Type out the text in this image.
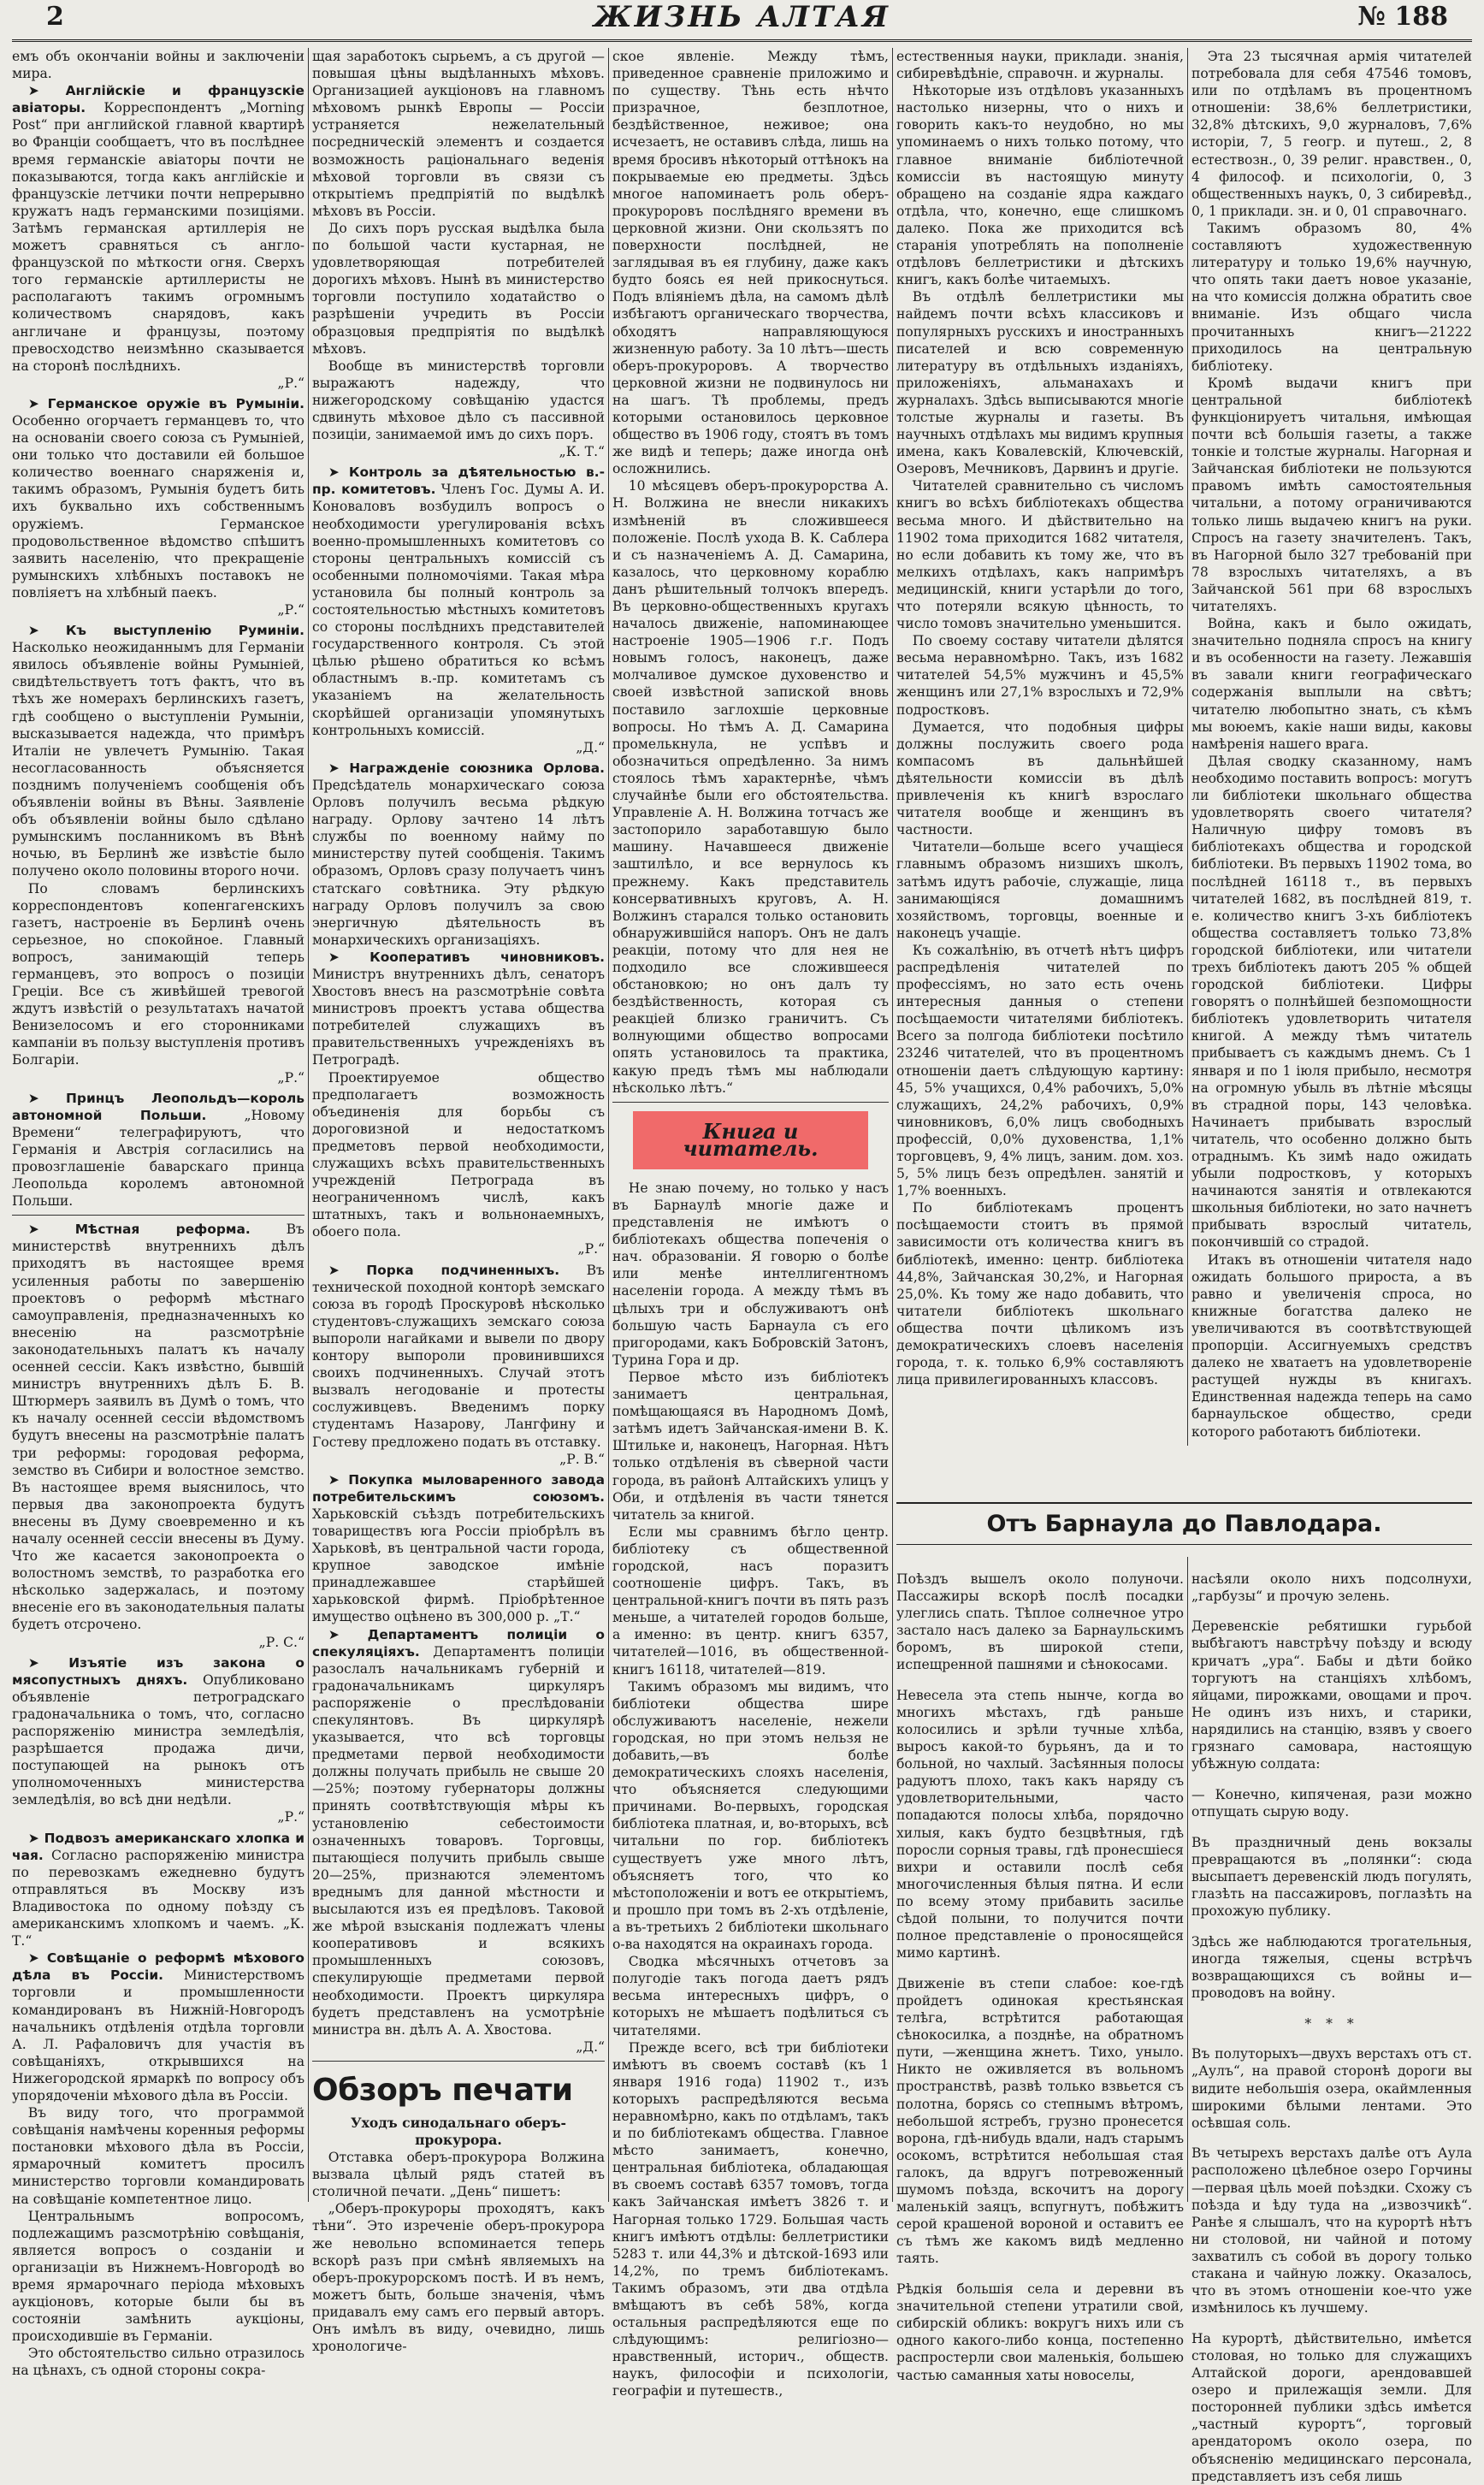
2	ЖИЗНЬ АЛТАЯ	№ 188

емъ объ окончаніи войны и заключеніи мира.

➤ Англійскіе и французскіе авіаторы. Корреспондентъ „Morning Post“ при английской главной квартирѣ во Франціи сообщаетъ, что въ послѣднее время германскіе авіаторы почти не показываются, тогда какъ англійскіе и французскіе летчики почти непрерывно кружатъ надъ германскими позиціями. Затѣмъ германская артиллерія не можетъ сравняться съ англо-французской по мѣткости огня. Сверхъ того германскіе артиллеристы не располагаютъ такимъ огромнымъ количествомъ снарядовъ, какъ англичане и французы, поэтому превосходство неизмѣнно сказывается на сторонѣ послѣднихъ.

„Р.“

➤ Германское оружіе въ Румыніи. Особенно огорчаетъ германцевъ то, что на основаніи своего союза съ Румыніей, они только что доставили ей большое количество военнаго снаряженія и, такимъ образомъ, Румынія будетъ бить ихъ буквально ихъ собственнымъ оружіемъ. Германское продовольственное вѣдомство спѣшитъ заявить населенію, что прекращеніе румынскихъ хлѣбныхъ поставокъ не повліяетъ на хлѣбный паекъ.

„Р.“

➤ Къ выступленію Руминіи. Насколько неожиданнымъ для Германіи явилось объявленіе войны Румыніей, свидѣтельствуетъ тотъ фактъ, что въ тѣхъ же номерахъ берлинскихъ газетъ, гдѣ сообщено о выступленіи Румыніи, высказывается надежда, что примѣръ Италіи не увлечетъ Румынію. Такая несогласованность объясняется позднимъ полученіемъ сообщенія объ объявленіи войны въ Вѣны. Заявленіе объ объявленіи войны было сдѣлано румынскимъ посланникомъ въ Вѣнѣ ночью, въ Берлинѣ же извѣстіе было получено около половины второго ночи.

По словамъ берлинскихъ корреспондентовъ копенгагенскихъ газетъ, настроеніе въ Берлинѣ очень серьезное, но спокойное. Главный вопросъ, занимающій теперь германцевъ, это вопросъ о позиціи Греціи. Все съ живѣйшей тревогой ждутъ извѣстій о результатахъ начатой Венизелосомъ и его сторонниками кампаніи въ пользу выступленія противъ Болгаріи.

„Р.“

➤ Принцъ Леопольдъ—король автономной Польши.	„Новому Времени“ телеграфируютъ, что Германія и Австрія согласились на провозглашеніе баварскаго принца Леопольда королемъ автономной Польши.

➤	Мѣстная реформа.	Въ министерствѣ внутреннихъ дѣлъ приходятъ въ настоящее время усиленныя работы по завершенію проектовъ о реформѣ мѣстнаго самоуправленія, предназначенныхъ ко внесенію на разсмотрѣніе законодательныхъ палатъ къ началу осенней сессіи. Какъ извѣстно, бывшій министръ внутреннихъ дѣлъ Б. В. Штюрмеръ заявилъ въ Думѣ о томъ, что къ началу осенней сессіи вѣдомствомъ будутъ внесены на разсмотрѣніе палатъ три реформы: городовая реформа, земство въ Сибири и волостное земство. Въ настоящее время выяснилось, что первыя два законопроекта будутъ внесены въ Думу своевременно и къ началу осенней сессіи внесены въ Думу. Что же касается законопроекта о волостномъ земствѣ, то разработка его нѣсколько задержалась, и поэтому внесеніе его въ законодательныя палаты будетъ отсрочено.

„Р. С.“

➤ Изъятіе изъ закона о мясопустныхъ дняхъ. Опубликовано объявленіе петроградскаго градоначальника о томъ, что, согласно распоряженію министра земледѣлія, разрѣшается продажа дичи, поступающей на рынокъ отъ уполномоченныхъ министерства земледѣлія, во всѣ дни недѣли.

„Р.“

➤ Подвозъ американскаго хлопка и чая. Согласно распоряженію министра по перевозкамъ ежедневно будутъ отправляться въ Москву изъ Владивостока по одному поѣзду съ американскимъ хлопкомъ и чаемъ. „К. Т.“

➤ Совѣщаніе о реформѣ мѣхового дѣла въ Россіи. Министерствомъ торговли и промышленности командированъ въ Нижній-Новгородъ начальникъ отдѣленія отдѣла торговли А. Л. Рафаловичъ для участія въ совѣщаніяхъ, открывшихся на Нижегородской ярмаркѣ по вопросу объ упорядоченіи мѣхового дѣла въ Россіи.

Въ виду того, что программой совѣщанія намѣчены коренныя реформы постановки мѣхового дѣла въ Россіи, ярмарочный комитетъ просилъ министерство торговли командировать на совѣщаніе компетентное лицо.

Центральнымъ вопросомъ, подлежащимъ разсмотрѣнію совѣщанія, является вопросъ о созданіи и организаціи въ Нижнемъ-Новгородѣ во время ярмарочнаго періода мѣховыхъ аукціоновъ, которые были бы въ состояніи замѣнить аукціоны, происходившіе въ Германіи.

Это обстоятельство сильно отразилось на цѣнахъ, съ одной стороны сокра-

щая заработокъ сырьемъ, а съ другой — повышая цѣны выдѣланныхъ мѣховъ. Организацией аукціоновъ на главномъ мѣховомъ рынкѣ Европы — Россіи устраняется нежелательный посредническій элементъ и создается возможность раціональнаго веденія мѣховой торговли въ связи съ открытіемъ предпріятій по выдѣлкѣ мѣховъ въ Россіи.

До сихъ поръ русская выдѣлка была по большой части кустарная, не удовлетворяющая потребителей дорогихъ мѣховъ. Нынѣ въ министерство торговли поступило ходатайство о разрѣшеніи учредить въ Россіи образцовыя предпріятія по выдѣлкѣ мѣховъ.

Вообще въ министерствѣ торговли выражаютъ надежду, что нижегородскому совѣщанію удастся сдвинуть мѣховое дѣло съ пассивной позиціи, занимаемой имъ до сихъ поръ.

„К. Т.“

➤ Контроль за дѣятельностью в.-пр. комитетовъ. Членъ Гос. Думы А. И. Коноваловъ возбудилъ вопросъ о необходимости урегулированія всѣхъ военно-промышленныхъ комитетовъ со стороны центральныхъ комиссій съ особенными полномочіями. Такая мѣра установила бы полный контроль за состоятельностью мѣстныхъ комитетовъ со стороны послѣднихъ представителей государственного контроля. Съ этой цѣлью рѣшено обратиться ко всѣмъ областнымъ в.-пр. комитетамъ съ указаніемъ на желательность скорѣйшей организаціи упомянутыхъ контрольныхъ комиссій.

„Д.“

➤ Награжденіе союзника Орлова. Предсѣдатель монархическаго союза Орловъ получилъ весьма рѣдкую награду. Орлову зачтено 14 лѣтъ службы по военному найму по министерству путей сообщенія. Такимъ образомъ, Орловъ сразу получаетъ чинъ статскаго совѣтника. Эту рѣдкую награду Орловъ получилъ за свою энергичную дѣятельность въ монархическихъ организаціяхъ.

➤ Кооперативъ чиновниковъ. Министръ внутреннихъ дѣлъ, сенаторъ Хвостовъ внесъ на разсмотрѣніе совѣта министровъ проектъ устава общества потребителей служащихъ въ правительственныхъ учрежденіяхъ въ Петроградѣ.

Проектируемое общество предполагаетъ возможность объединенія для борьбы съ дороговизной и недостаткомъ предметовъ первой необходимости, служащихъ всѣхъ правительственныхъ учрежденій Петрограда въ неограниченномъ числѣ, какъ штатныхъ, такъ и вольнонаемныхъ, обоего пола.

„Р.“

➤ Порка подчиненныхъ. Въ технической походной конторѣ земскаго союза въ городѣ Проскуровѣ нѣсколько студентовъ-служащихъ земскаго союза выпороли нагайками и вывели по двору контору выпороли провинившихся своихъ подчиненныхъ. Случай этотъ вызвалъ негодованіе и протесты сослуживцевъ. Введенимъ порку студентамъ Назарову, Лангфину и Гостеву предложено подать въ отставку.

„Р. В.“

➤ Покупка мыловаренного завода потребительскимъ союзомъ. Харьковскій съѣздъ потребительскихъ товариществъ юга Россіи пріобрѣлъ въ Харьковѣ, въ центральной части города, крупное заводское имѣніе принадлежавшее старѣйшей харьковской фирмѣ. Пріобрѣтенное имущество оцѣнено въ 300,000 р. „Т.“

➤ Департаментъ полиціи о спекуляціяхъ. Департаментъ полиціи разослалъ начальникамъ губерній и градоначальникамъ циркуляръ распоряженіе о преслѣдованіи спекулянтовъ. Въ циркулярѣ указывается, что всѣ торговцы предметами первой необходимости должны получать прибыль не свыше 20—25%; поэтому губернаторы должны принять соотвѣтствующія мѣры къ установленію себестоимости означенныхъ товаровъ. Торговцы, пытающіеся получить прибыль свыше 20—25%, признаются элементомъ вреднымъ для данной мѣстности и высылаются изъ ея предѣловъ. Таковой же мѣрой взысканія подлежатъ члены кооперативовъ и всякихъ промышленныхъ союзовъ, спекулирующіе предметами первой необходимости. Проектъ циркуляра будетъ представленъ на усмотрѣніе министра вн. дѣлъ А. А. Хвостова.

„Д.“
Обзоръ печати

Уходъ синодальнаго оберъ-прокурора.

Отставка оберъ-прокурора Волжина вызвала цѣлый рядъ статей въ столичной печати. „День“ пишетъ:

„Оберъ-прокуроры проходятъ, какъ тѣни“. Это изреченіе оберъ-прокурора же невольно вспоминается теперь вскорѣ разъ при смѣнѣ являемыхъ на оберъ-прокурорскомъ постѣ. И въ немъ, можетъ быть, больше значенія, чѣмъ придавалъ ему самъ его первый авторъ. Онъ имѣлъ въ виду, очевидно, лишь хронологиче-

ское явленіе. Между тѣмъ, приведенное сравненіе приложимо и по существу. Тѣнь есть нѣчто призрачное, безплотное, бездѣйственное, неживое; она исчезаетъ, не оставивъ слѣда, лишь на время бросивъ нѣкоторый оттѣнокъ на покрываемые ею предметы. Здѣсь многое напоминаетъ роль оберъ-прокуроровъ послѣдняго времени въ церковной жизни. Они скользятъ по поверхности послѣдней, не заглядывая въ ея глубину, даже какъ будто боясь ея ней прикоснуться. Подъ вліяніемъ дѣла, на самомъ дѣлѣ избѣгаютъ органическаго творчества, обходятъ направляющуюся жизненную работу. За 10 лѣтъ—шесть оберъ-прокуроровъ. А творчество церковной жизни не подвинулось ни на шагъ. Тѣ проблемы, предъ которыми остановилось церковное общество въ 1906 году, стоятъ въ томъ же видѣ и теперь; даже иногда онѣ осложнились.

10 мѣсяцевъ оберъ-прокурорства А. Н. Волжина не внесли никакихъ измѣненій въ сложившееся положеніе. Послѣ ухода В. К. Саблера и съ назначеніемъ А. Д. Самарина, казалось, что церковному кораблю данъ рѣшительный толчокъ впередъ. Въ церковно-общественныхъ кругахъ началось движеніе, напоминающее настроеніе 1905—1906 г.г. Подъ новымъ голосъ, наконецъ, даже молчаливое думское духовенство и своей извѣстной запиской вновь поставило заглохшіе церковные вопросы. Но тѣмъ А. Д. Самарина промелькнула, не успѣвъ и обозначиться опредѣленно. За нимъ стоялось тѣмъ характернѣе, чѣмъ случайнѣе были его обстоятельства. Управленіе А. Н. Волжина тотчасъ же застопорило заработавшую было машину. Начавшееся движеніе заштилѣло, и все вернулось къ прежнему. Какъ представитель консервативныхъ круговъ, А. Н. Волжинъ старался только остановить обнаружившійся напоръ. Онъ не далъ реакціи, потому что для нея не подходило все сложившееся обстановкою; но онъ далъ ту бездѣйственность, которая съ реакціей близко граничитъ. Съ волнующими общество вопросами опять установилось та практика, какую предъ тѣмъ мы наблюдали нѣсколько лѣтъ.“

Книга и читатель.

Не знаю почему, но только у насъ въ Барнаулѣ многіе даже и представленія не имѣютъ о библіотекахъ общества попеченія о нач. образованіи. Я говорю о болѣе или менѣе интеллигентномъ населеніи города. А между тѣмъ въ цѣлыхъ три и обслуживаютъ онѣ большую часть Барнаула съ его пригородами, какъ Бобровскій Затонъ, Турина Гора и др.

Первое мѣсто изъ библіотекъ занимаетъ центральная, помѣщающаяся въ Народномъ Домѣ, затѣмъ идетъ Зайчанская-имени В. К. Штильке и, наконецъ, Нагорная. Нѣтъ только отдѣленія въ сѣверной части города, въ районѣ Алтайскихъ улицъ у Оби, и отдѣленія въ части тянется читатель за книгой.

Если мы сравнимъ бѣгло центр. библіотеку съ общественной городской, насъ поразитъ соотношеніе цифръ. Такъ, въ центральной-книгъ почти въ пять разъ меньше, а читателей городов больше, а именно: въ центр. книгъ 6357, читателей—1016, въ общественной-книгъ 16118, читателей—819.

Такимъ образомъ мы видимъ, что библіотеки общества шире обслуживаютъ населеніе, нежели городская, но при этомъ нельзя не добавить,—въ болѣе демократическихъ слояхъ населенія, что объясняется следующими причинами. Во-первыхъ, городская библіотека платная, и, во-вторыхъ, всѣ читальни по гор. библіотекъ существуетъ уже много лѣтъ, объясняетъ того, что ко мѣстоположеніи и вотъ ее открытіемъ, и прошло при томъ въ 2-хъ отдѣленіе, а въ-третьихъ 2 библіотеки школьнаго о-ва находятся на окраинахъ города.

Сводка мѣсячныхъ отчетовъ за полугодіе такъ погода даетъ рядъ весьма интересныхъ цифръ, о которыхъ не мѣшаетъ подѣлиться съ читателями.

Прежде всего, всѣ три библіотеки имѣютъ въ своемъ составѣ (къ 1 января 1916 года) 11902 т., изъ которыхъ распредѣляются весьма неравномѣрно, какъ по отдѣламъ, такъ и по библіотекамъ общества. Главное мѣсто занимаетъ, конечно, центральная библіотека, обладающая въ своемъ составѣ 6357 томовъ, тогда какъ Зайчанская имѣетъ 3826 т. и Нагорная только 1729. Большая часть книгъ имѣютъ отдѣлы: беллетристики 5283 т. или 44,3% и дѣтской-1693 или 14,2%, по тремъ библіотекамъ. Такимъ образомъ, эти два отдѣла вмѣщаютъ въ себѣ 58%, когда остальныя распредѣляются еще по слѣдующимъ: религіозно—нравственный, историч., обществ. наукъ, философіи и психологіи, географіи и путешеств.,

естественныя науки, приклади. знанія, сибиревѣдѣніе, справочн. и журналы.

Нѣкоторые изъ отдѣловъ указанныхъ настолько низерны, что о нихъ и говорить какъ-то неудобно, но мы упоминаемъ о нихъ только потому, что главное вниманіе библіотечной комиссіи въ настоящую минуту обращено на созданіе ядра каждаго отдѣла, что, конечно, еще слишкомъ далеко. Пока же приходится всѣ старанія употреблять на пополненіе отдѣловъ беллетристики и дѣтскихъ книгъ, какъ болѣе читаемыхъ.

Въ отдѣлѣ беллетристики мы найдемъ почти всѣхъ классиковъ и популярныхъ русскихъ и иностранныхъ писателей и всю современную литературу въ отдѣльныхъ изданіяхъ, приложеніяхъ, альманахахъ и журналахъ. Здѣсь выписываются многіе толстые журналы и газеты. Въ научныхъ отдѣлахъ мы видимъ крупныя имена, какъ Ковалевскій, Ключевскій, Озеровъ, Мечниковъ, Дарвинъ и другіе.

Читателей сравнительно съ числомъ книгъ во всѣхъ библіотекахъ общества весьма много. И дѣйствительно на 11902 тома приходится 1682 читателя, но если добавить къ тому же, что въ мелкихъ отдѣлахъ, какъ напримѣръ медицинскій, книги устарѣли до того, что потеряли всякую цѣнность, то число томовъ значительно уменьшится.

По своему составу читатели дѣлятся весьма неравномѣрно. Такъ, изъ 1682 читателей 54,5% мужчинъ и 45,5% женщинъ или 27,1% взрослыхъ и 72,9% подростковъ.

Думается, что подобныя цифры должны послужить своего рода компасомъ въ дальнѣйшей дѣятельности комиссіи въ дѣлѣ привлеченія къ книгѣ взрослаго читателя вообще и женщинъ въ частности.

Читатели—больше всего учащіеся главнымъ образомъ низшихъ школъ, затѣмъ идутъ рабочіе, служащіе, лица занимающіяся домашнимъ хозяйствомъ, торговцы, военные и наконецъ учащіе.

Къ сожалѣнію, въ отчетѣ нѣтъ цифръ распредѣленія читателей по профессіямъ, но зато есть очень интересныя данныя о степени посѣщаемости читателями библіотекъ. Всего за полгода библіотеки посѣтило 23246 читателей, что въ процентномъ отношеніи даетъ слѣдующую картину: 45, 5% учащихся, 0,4% рабочихъ, 5,0% служащихъ, 24,2% рабочихъ, 0,9% чиновниковъ, 6,0% лицъ свободныхъ профессій, 0,0% духовенства, 1,1% торговцевъ, 9, 4% лицъ, заним. дом. хоз. 5, 5% лицъ безъ опредѣлен. занятій и 1,7% военныхъ.

По библіотекамъ процентъ посѣщаемости стоитъ въ прямой зависимости отъ количества книгъ въ библіотекѣ, именно: центр. библіотека 44,8%, Зайчанская 30,2%, и Нагорная 25,0%. Къ тому же надо добавить, что читатели библіотекъ школьнаго общества почти цѣликомъ изъ демократическихъ слоевъ населенія города, т. к. только 6,9% составляютъ лица привилегированныхъ классовъ.

Эта 23 тысячная армія читателей потребовала для себя 47546 томовъ, или по отдѣламъ въ процентномъ отношеніи: 38,6% беллетристики, 32,8% дѣтскихъ, 9,0 журналовъ, 7,6% исторіи, 7, 5 геогр. и путеш., 2, 8 естествозн., 0, 39 религ. нравствен., 0, 4 философ. и психологіи, 0, 3 общественныхъ наукъ, 0, 3 сибиревѣд., 0, 1 приклади. зн. и 0, 01 справочнаго.

Такимъ образомъ 80, 4% составляютъ художественную литературу и только 19,6% научную, что опять таки даетъ новое указаніе, на что комиссія должна обратить свое вниманіе. Изъ общаго числа прочитанныхъ книгъ—21222 приходилось на центральную библіотеку.

Кромѣ выдачи книгъ при центральной библіотекѣ функціонируетъ читальня, имѣющая почти всѣ большія газеты, а также тонкіе и толстые журналы. Нагорная и Зайчанская библіотеки не пользуются правомъ имѣть самостоятельныя читальни, а потому ограничиваются только лишь выдачею книгъ на руки. Спросъ на газету значителенъ. Такъ, въ Нагорной было 327 требованій при 78 взрослыхъ читателяхъ, а въ Зайчанской 561 при 68 взрослыхъ читателяхъ.

Война, какъ и было ожидать, значительно подняла спросъ на книгу и въ особенности на газету. Лежавшія въ завали книги географическаго содержанія выплыли на свѣтъ; читателю любопытно знать, съ кѣмъ мы воюемъ, какіе наши виды, каковы намѣренія нашего врага.

Дѣлая сводку сказанному, намъ необходимо поставить вопросъ: могутъ ли библіотеки школьнаго общества удовлетворять своего читателя? Наличную цифру томовъ въ библіотекахъ общества и городской библіотеки. Въ первыхъ 11902 тома, во послѣдней 16118 т., въ первыхъ читателей 1682, въ послѣдней 819, т. е. количество книгъ 3-хъ библіотекъ общества составляетъ только 73,8% городской библіотеки, или читатели трехъ библіотекъ даютъ 205 % общей городской библіотеки. Цифры говорятъ о полнѣйшей безпомощности библіотекъ удовлетворить читателя книгой. А между тѣмъ читатель прибываетъ съ каждымъ днемъ. Съ 1 января и по 1 іюля прибыло, несмотря на огромную убыль въ лѣтніе мѣсяцы въ страдной поры, 143 человѣка. Начинаетъ прибывать взрослый читатель, что особенно должно быть отраднымъ. Къ зимѣ надо ожидать убыли подростковъ, у которыхъ начинаются занятія и отвлекаются школьныя библіотеки, но зато начнетъ прибывать взрослый читатель, покончившій со страдой.

Итакъ въ отношеніи читателя надо ожидать большого прироста, а въ равно и увеличенія спроса, но книжные богатства далеко не увеличиваются въ соотвѣтствующей пропорціи. Ассигнуемыхъ средствъ далеко не хватаетъ на удовлетвореніе растущей нужды въ книгахъ. Единственная надежда теперь на само барнаульское общество, среди которого работаютъ библіотеки.

Отъ Барнаула до Павлодара.

Поѣздъ вышелъ около полуночи. Пассажиры вскорѣ послѣ посадки улеглись спать. Тѣплое солнечное утро застало насъ далеко за Барнаульскимъ боромъ, въ широкой степи, испещренной пашнями и сѣнокосами.

Невесела эта степь нынче, когда во многихъ мѣстахъ, гдѣ раньше колосились и зрѣли тучные хлѣба, выросъ какой-то бурьянъ, да и то больной, но чахлый. Засѣянныя полосы радуютъ плохо, такъ какъ наряду съ удовлетворительными, часто попадаются полосы хлѣба, порядочно хилыя, какъ будто безцвѣтныя, гдѣ поросли сорныя травы, гдѣ пронесшіеся вихри и оставили послѣ себя многочисленныя бѣлыя пятна. И если по всему этому прибавить засилье сѣдой полыни, то получится почти полное представленіе о проносящейся мимо картинѣ.

Движеніе въ степи слабое: кое-гдѣ пройдетъ одинокая крестьянская телѣга, встрѣтится работающая сѣнокосилка, а позднѣе, на обратномъ пути, —женщина жнетъ. Тихо, уныло. Никто не оживляется въ вольномъ пространствѣ, развѣ только взвьется съ полотна, борясь со степнымъ вѣтромъ, небольшой ястребъ, грузно пронесется ворона, гдѣ-нибудь вдали, надъ старымъ осокомъ, встрѣтится небольшая стая галокъ, да вдругъ потревоженный шумомъ поѣзда, вскочитъ на дорогу маленькій заяцъ, вспугнутъ, побѣжитъ серой крашеной вороной и оставитъ ее съ тѣмъ же какомъ видѣ медленно таять.

Рѣдкія большія села и деревни въ значительной степени утратили свой, сибирскій обликъ: вокругъ нихъ или съ одного какого-либо конца, постепенно распростерли свои маленькія, большею частью саманныя хаты новоселы,

насѣяли около нихъ подсолнухи, „гарбузы“ и прочую зелень.

Деревенскіе ребятишки гурьбой выбѣгаютъ навстрѣчу поѣзду и всюду кричатъ „ура“. Бабы и дѣти бойко торгуютъ на станціяхъ хлѣбомъ, яйцами, пирожками, овощами и проч. Не одинъ изъ нихъ, и старики, нарядились на станцію, взявъ у своего грязнаго самовара, настоящую убѣжную солдата:

— Конечно, кипяченая, рази можно отпущать сырую воду.

Въ праздничный день вокзалы превращаются въ „полянки“: сюда высыпаетъ деревенскій людъ погулять, глазѣть на пассажировъ, поглазѣть на прохожую публику.

Здѣсь же наблюдаются трогательныя, иногда тяжелыя, сцены встрѣчъ возвращающихся съ войны и—проводовъ на войну.

* * *

Въ полуторыхъ—двухъ верстахъ отъ ст. „Аулъ“, на правой сторонѣ дороги вы видите небольшія озера, окаймленныя широкими бѣлыми лентами. Это осѣвшая соль.

Въ четырехъ верстахъ далѣе отъ Аула расположено цѣлебное озеро Горчины—первая цѣль моей поѣздки. Схожу съ поѣзда и ѣду туда на „извозчикѣ“. Ранѣе я слышалъ, что на курортѣ нѣтъ ни столовой, ни чайной и потому захватилъ съ собой въ дорогу только стакана и чайную ложку. Оказалось, что въ этомъ отношеніи кое-что уже измѣнилось къ лучшему.

На курортѣ, дѣйствительно, имѣется столовая, но только для служащихъ Алтайской дороги, арендовавшей озеро и прилежащія земли. Для посторонней публики здѣсь имѣется „частный курортъ“, торговый арендаторомъ около озера, по объясненію медицинскаго персонала, представляетъ изъ себя лишь
